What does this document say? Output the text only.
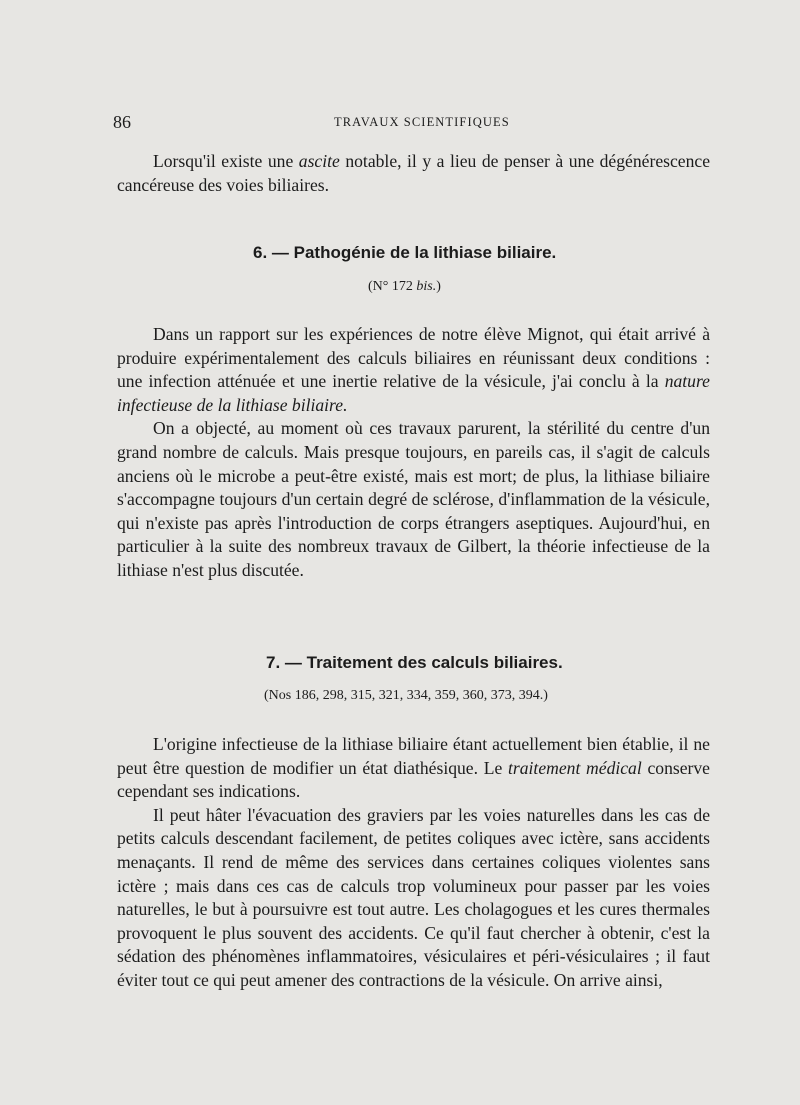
86	TRAVAUX SCIENTIFIQUES

Lorsqu'il existe une ascite notable, il y a lieu de penser à une dégénérescence cancéreuse des voies biliaires.

6. — Pathogénie de la lithiase biliaire.
(N° 172 bis.)

Dans un rapport sur les expériences de notre élève Mignot, qui était arrivé à produire expérimentalement des calculs biliaires en réunissant deux conditions : une infection atténuée et une inertie relative de la vésicule, j'ai conclu à la nature infectieuse de la lithiase biliaire.

On a objecté, au moment où ces travaux parurent, la stérilité du centre d'un grand nombre de calculs. Mais presque toujours, en pareils cas, il s'agit de calculs anciens où le microbe a peut-être existé, mais est mort; de plus, la lithiase biliaire s'accompagne toujours d'un certain degré de sclérose, d'inflammation de la vésicule, qui n'existe pas après l'introduction de corps étrangers aseptiques. Aujourd'hui, en particulier à la suite des nombreux travaux de Gilbert, la théorie infectieuse de la lithiase n'est plus discutée.

7. — Traitement des calculs biliaires.
(Nos 186, 298, 315, 321, 334, 359, 360, 373, 394.)

L'origine infectieuse de la lithiase biliaire étant actuellement bien établie, il ne peut être question de modifier un état diathésique. Le traitement médical conserve cependant ses indications.

Il peut hâter l'évacuation des graviers par les voies naturelles dans les cas de petits calculs descendant facilement, de petites coliques avec ictère, sans accidents menaçants. Il rend de même des services dans certaines coliques violentes sans ictère ; mais dans ces cas de calculs trop volumineux pour passer par les voies naturelles, le but à poursuivre est tout autre. Les cholagogues et les cures thermales provoquent le plus souvent des accidents. Ce qu'il faut chercher à obtenir, c'est la sédation des phénomènes inflammatoires, vésiculaires et péri-vésiculaires ; il faut éviter tout ce qui peut amener des contractions de la vésicule. On arrive ainsi,
